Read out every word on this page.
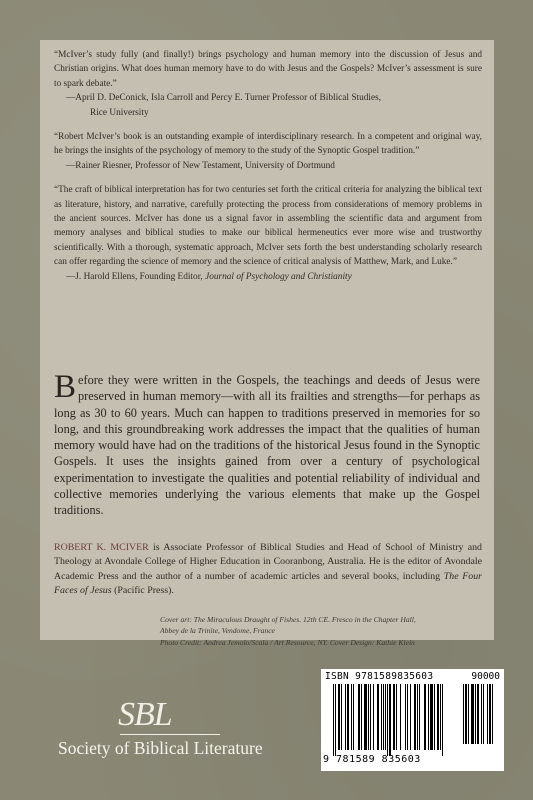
“McIver’s study fully (and finally!) brings psychology and human memory into the discussion of Jesus and Christian origins. What does human memory have to do with Jesus and the Gospels? McIver’s assessment is sure to spark debate.”

—April D. DeConick, Isla Carroll and Percy E. Turner Professor of Biblical Studies,
Rice University

“Robert McIver’s book is an outstanding example of interdisciplinary research. In a competent and original way, he brings the insights of the psychology of memory to the study of the Synoptic Gospel tradition.”

—Rainer Riesner, Professor of New Testament, University of Dortmund

“The craft of biblical interpretation has for two centuries set forth the critical criteria for analyzing the biblical text as literature, history, and narrative, carefully protecting the process from considerations of memory problems in the ancient sources. McIver has done us a signal favor in assembling the scientific data and argument from memory analyses and biblical studies to make our biblical hermeneutics ever more wise and trustworthy scientifically. With a thorough, systematic approach, McIver sets forth the best understanding scholarly research can offer regarding the science of memory and the science of critical analysis of Matthew, Mark, and Luke.”

—J. Harold Ellens, Founding Editor, Journal of Psychology and Christianity

Before they were written in the Gospels, the teachings and deeds of Jesus were preserved in human memory—with all its frailties and strengths—for perhaps as long as 30 to 60 years. Much can happen to traditions preserved in memories for so long, and this groundbreaking work addresses the impact that the qualities of human memory would have had on the traditions of the historical Jesus found in the Synoptic Gospels. It uses the insights gained from over a century of psychological experimentation to investigate the qualities and potential reliability of individual and collective memories underlying the various elements that make up the Gospel traditions.

ROBERT K. MCIVER is Associate Professor of Biblical Studies and Head of School of Ministry and Theology at Avondale College of Higher Education in Cooranbong, Australia. He is the editor of Avondale Academic Press and the author of a number of academic articles and several books, including The Four Faces of Jesus (Pacific Press).

Cover art: The Miraculous Draught of Fishes. 12th CE. Fresco in the Chapter Hall,
Abbey de la Trinite, Vendome, France
Photo Credit: Andrea Jemolo/Scala / Art Resource, NY. Cover Design: Kathie Klein
SBL
Society of Biblical Literature
ISBN 9781589835603	90000
9 781589 835603
